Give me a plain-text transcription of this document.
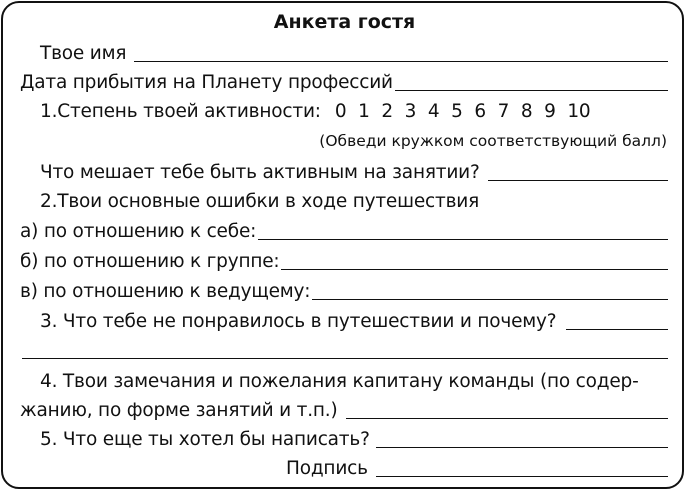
Анкета гостя
Твое имя
Дата прибытия на Планету профессий
1.Степень твоей активности: 0 1 2 3 4 5 6 7 8 9 10
(Обведи кружком соответствующий балл)
Что мешает тебе быть активным на занятии?
2.Твои основные ошибки в ходе путешествия
а) по отношению к себе:
б) по отношению к группе:
в) по отношению к ведущему:
3. Что тебе не понравилось в путешествии и почему?
4. Твои замечания и пожелания капитану команды (по содер-
жанию, по форме занятий и т.п.)
5. Что еще ты хотел бы написать?
Подпись
